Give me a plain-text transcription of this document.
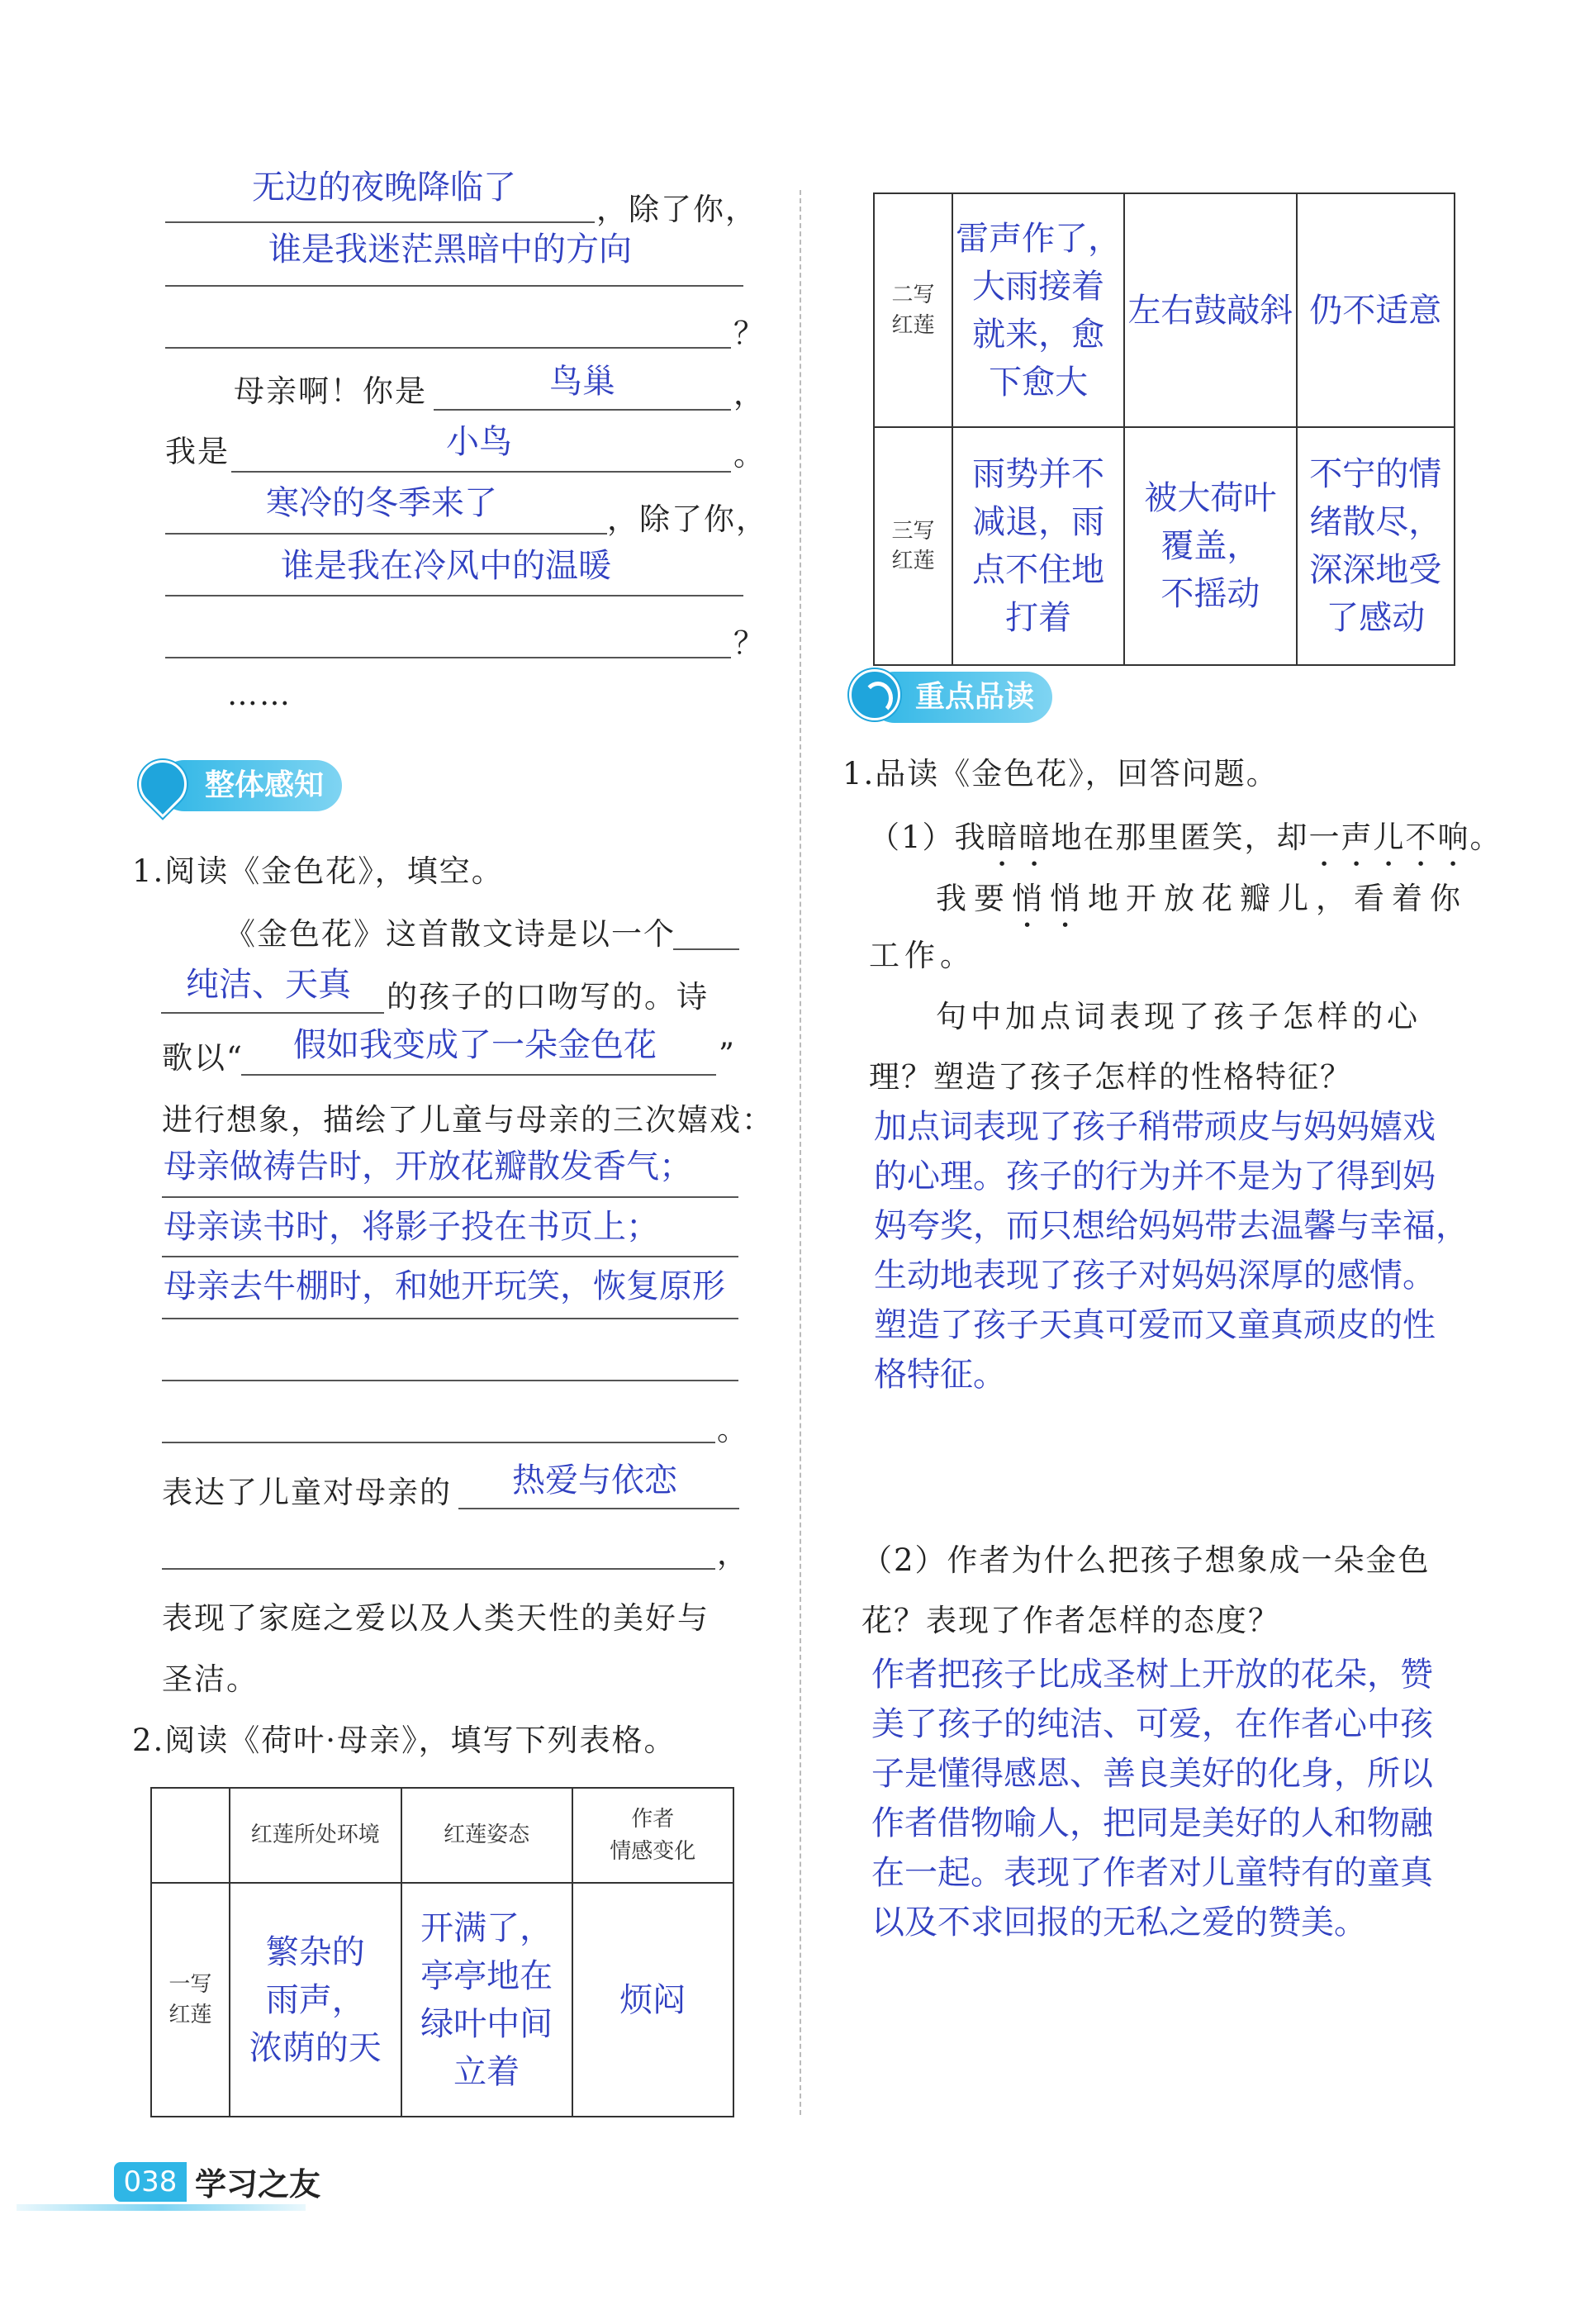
无边的夜晚降临了
，除了你，
谁是我迷茫黑暗中的方向
？
母亲啊！你是	鸟巢	，
我是	小鸟	。
寒冷的冬季来了	，除了你，
谁是我在冷风中的温暖
？
……
整体感知
1.阅读《金色花》，填空。
《金色花》这首散文诗是以一个
纯洁、天真 的孩子的口吻写的。诗
歌以“ 假如我变成了一朵金色花 ”
进行想象，描绘了儿童与母亲的三次嬉戏：
母亲做祷告时，开放花瓣散发香气；
母亲读书时，将影子投在书页上；
母亲去牛棚时，和她开玩笑，恢复原形
。
表达了儿童对母亲的 热爱与依恋
，
表现了家庭之爱以及人类天性的美好与
圣洁。
2.阅读《荷叶·母亲》，填写下列表格。
	红莲所处环境	红莲姿态	作者
情感变化
一写
红莲	繁杂的
雨声，
浓荫的天	开满了，
亭亭地在
绿叶中间
立着	烦闷
二写
红莲	雷声作了，
大雨接着
就来，愈
下愈大	左右鼓敲斜	仍不适意
三写
红莲	雨势并不
减退，雨
点不住地
打着	被大荷叶
覆盖，
不摇动	不宁的情
绪散尽，
深深地受
了感动
重点品读
1.品读《金色花》，回答问题。
（1）我暗暗地在那里匿笑，却一声儿不响。
我要悄悄地开放花瓣儿，看着你
工作。
句中加点词表现了孩子怎样的心
理？塑造了孩子怎样的性格特征？
加点词表现了孩子稍带顽皮与妈妈嬉戏
的心理。孩子的行为并不是为了得到妈
妈夸奖，而只想给妈妈带去温馨与幸福，
生动地表现了孩子对妈妈深厚的感情。
塑造了孩子天真可爱而又童真顽皮的性
格特征。
（2）作者为什么把孩子想象成一朵金色
花？表现了作者怎样的态度？
作者把孩子比成圣树上开放的花朵，赞
美了孩子的纯洁、可爱，在作者心中孩
子是懂得感恩、善良美好的化身，所以
作者借物喻人，把同是美好的人和物融
在一起。表现了作者对儿童特有的童真
以及不求回报的无私之爱的赞美。
038 学习之友
